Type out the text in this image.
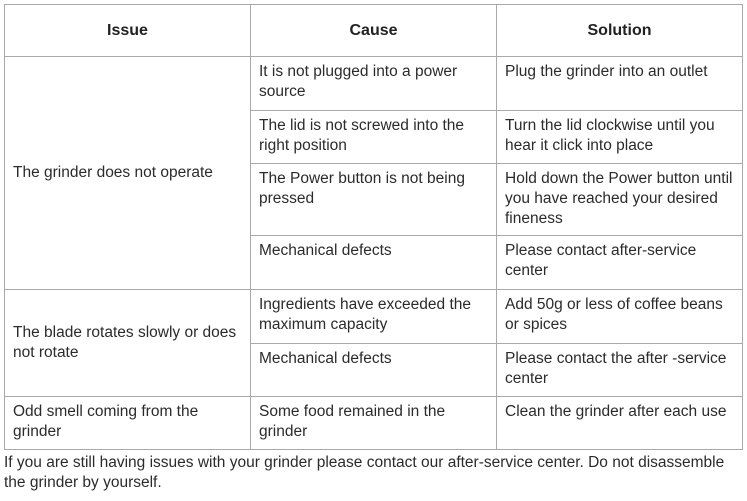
Issue	Cause	Solution
The grinder does not operate	It is not plugged into a power source	Plug the grinder into an outlet
	The lid is not screwed into the right position	Turn the lid clockwise until you hear it click into place
	The Power button is not being pressed	Hold down the Power button until you have reached your desired fineness
	Mechanical defects	Please contact after-service center
The blade rotates slowly or does not rotate	Ingredients have exceeded the maximum capacity	Add 50g or less of coffee beans or spices
	Mechanical defects	Please contact the after -service center
Odd smell coming from the grinder	Some food remained in the grinder	Clean the grinder after each use

If you are still having issues with your grinder please contact our after-service center. Do not disassemble the grinder by yourself.
